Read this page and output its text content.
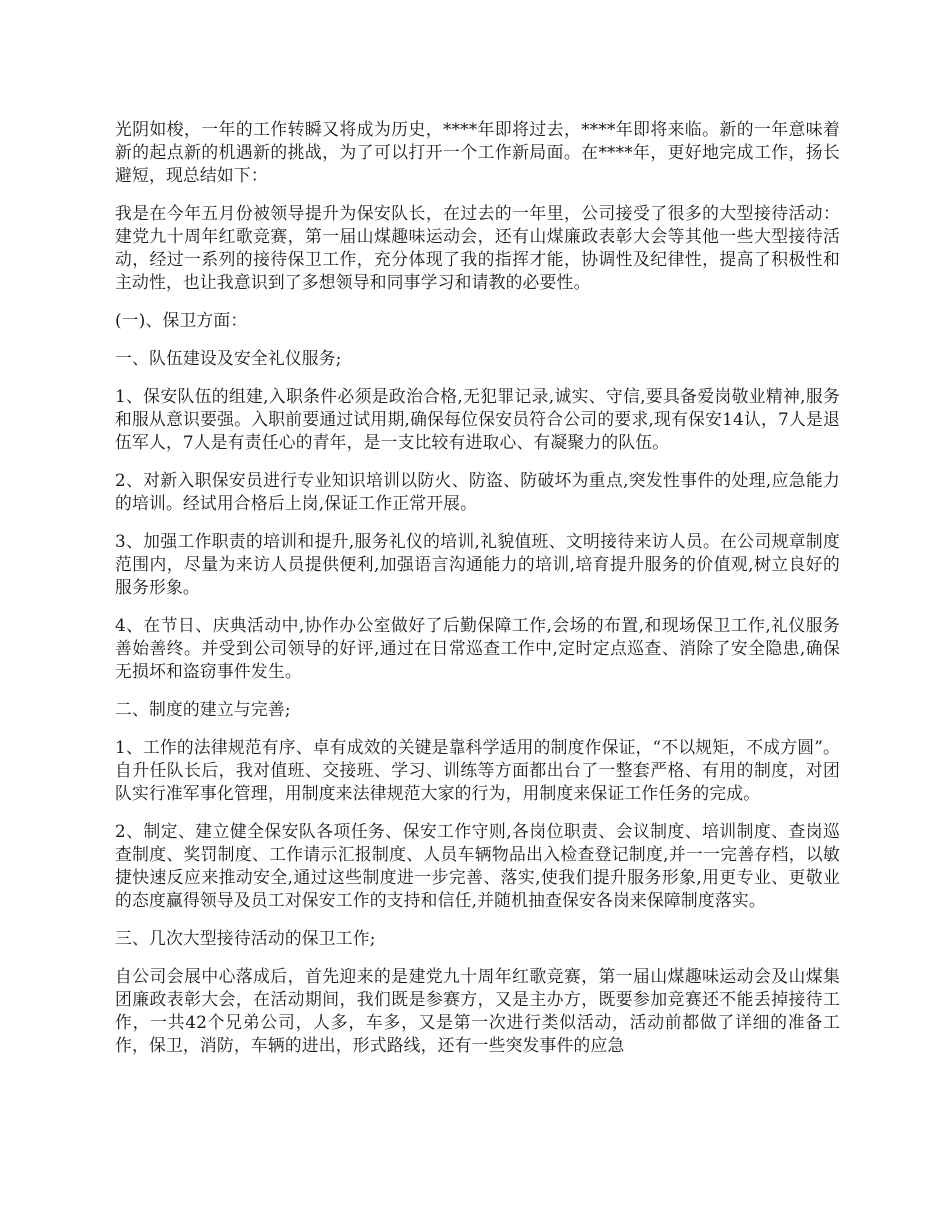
光阴如梭，一年的工作转瞬又将成为历史，****年即将过去，****年即将来临。新的一年意味着新的起点新的机遇新的挑战，为了可以打开一个工作新局面。在****年，更好地完成工作，扬长避短，现总结如下：

我是在今年五月份被领导提升为保安队长，在过去的一年里，公司接受了很多的大型接待活动：建党九十周年红歌竞赛，第一届山煤趣味运动会，还有山煤廉政表彰大会等其他一些大型接待活动，经过一系列的接待保卫工作，充分体现了我的指挥才能，协调性及纪律性，提高了积极性和主动性，也让我意识到了多想领导和同事学习和请教的必要性。

(一)、保卫方面：

一、队伍建设及安全礼仪服务;

1、保安队伍的组建,入职条件必须是政治合格,无犯罪记录,诚实、守信,要具备爱岗敬业精神,服务和服从意识要强。入职前要通过试用期,确保每位保安员符合公司的要求,现有保安14认，7人是退伍军人，7人是有责任心的青年，是一支比较有进取心、有凝聚力的队伍。

2、对新入职保安员进行专业知识培训以防火、防盗、防破坏为重点,突发性事件的处理,应急能力的培训。经试用合格后上岗,保证工作正常开展。

3、加强工作职责的培训和提升,服务礼仪的培训,礼貌值班、文明接待来访人员。在公司规章制度范围内，尽量为来访人员提供便利,加强语言沟通能力的培训,培育提升服务的价值观,树立良好的服务形象。

4、在节日、庆典活动中,协作办公室做好了后勤保障工作,会场的布置,和现场保卫工作,礼仪服务善始善终。并受到公司领导的好评,通过在日常巡查工作中,定时定点巡查、消除了安全隐患,确保无损坏和盗窃事件发生。

二、制度的建立与完善;

1、工作的法律规范有序、卓有成效的关键是靠科学适用的制度作保证，“不以规矩，不成方圆”。自升任队长后，我对值班、交接班、学习、训练等方面都出台了一整套严格、有用的制度，对团队实行准军事化管理，用制度来法律规范大家的行为，用制度来保证工作任务的完成。

2、制定、建立健全保安队各项任务、保安工作守则,各岗位职责、会议制度、培训制度、查岗巡查制度、奖罚制度、工作请示汇报制度、人员车辆物品出入检查登记制度,并一一完善存档，以敏捷快速反应来推动安全,通过这些制度进一步完善、落实,使我们提升服务形象,用更专业、更敬业的态度赢得领导及员工对保安工作的支持和信任,并随机抽查保安各岗来保障制度落实。

三、几次大型接待活动的保卫工作;

自公司会展中心落成后，首先迎来的是建党九十周年红歌竞赛，第一届山煤趣味运动会及山煤集团廉政表彰大会，在活动期间，我们既是参赛方，又是主办方，既要参加竞赛还不能丢掉接待工作，一共42个兄弟公司，人多，车多，又是第一次进行类似活动，活动前都做了详细的准备工作，保卫，消防，车辆的进出，形式路线，还有一些突发事件的应急
